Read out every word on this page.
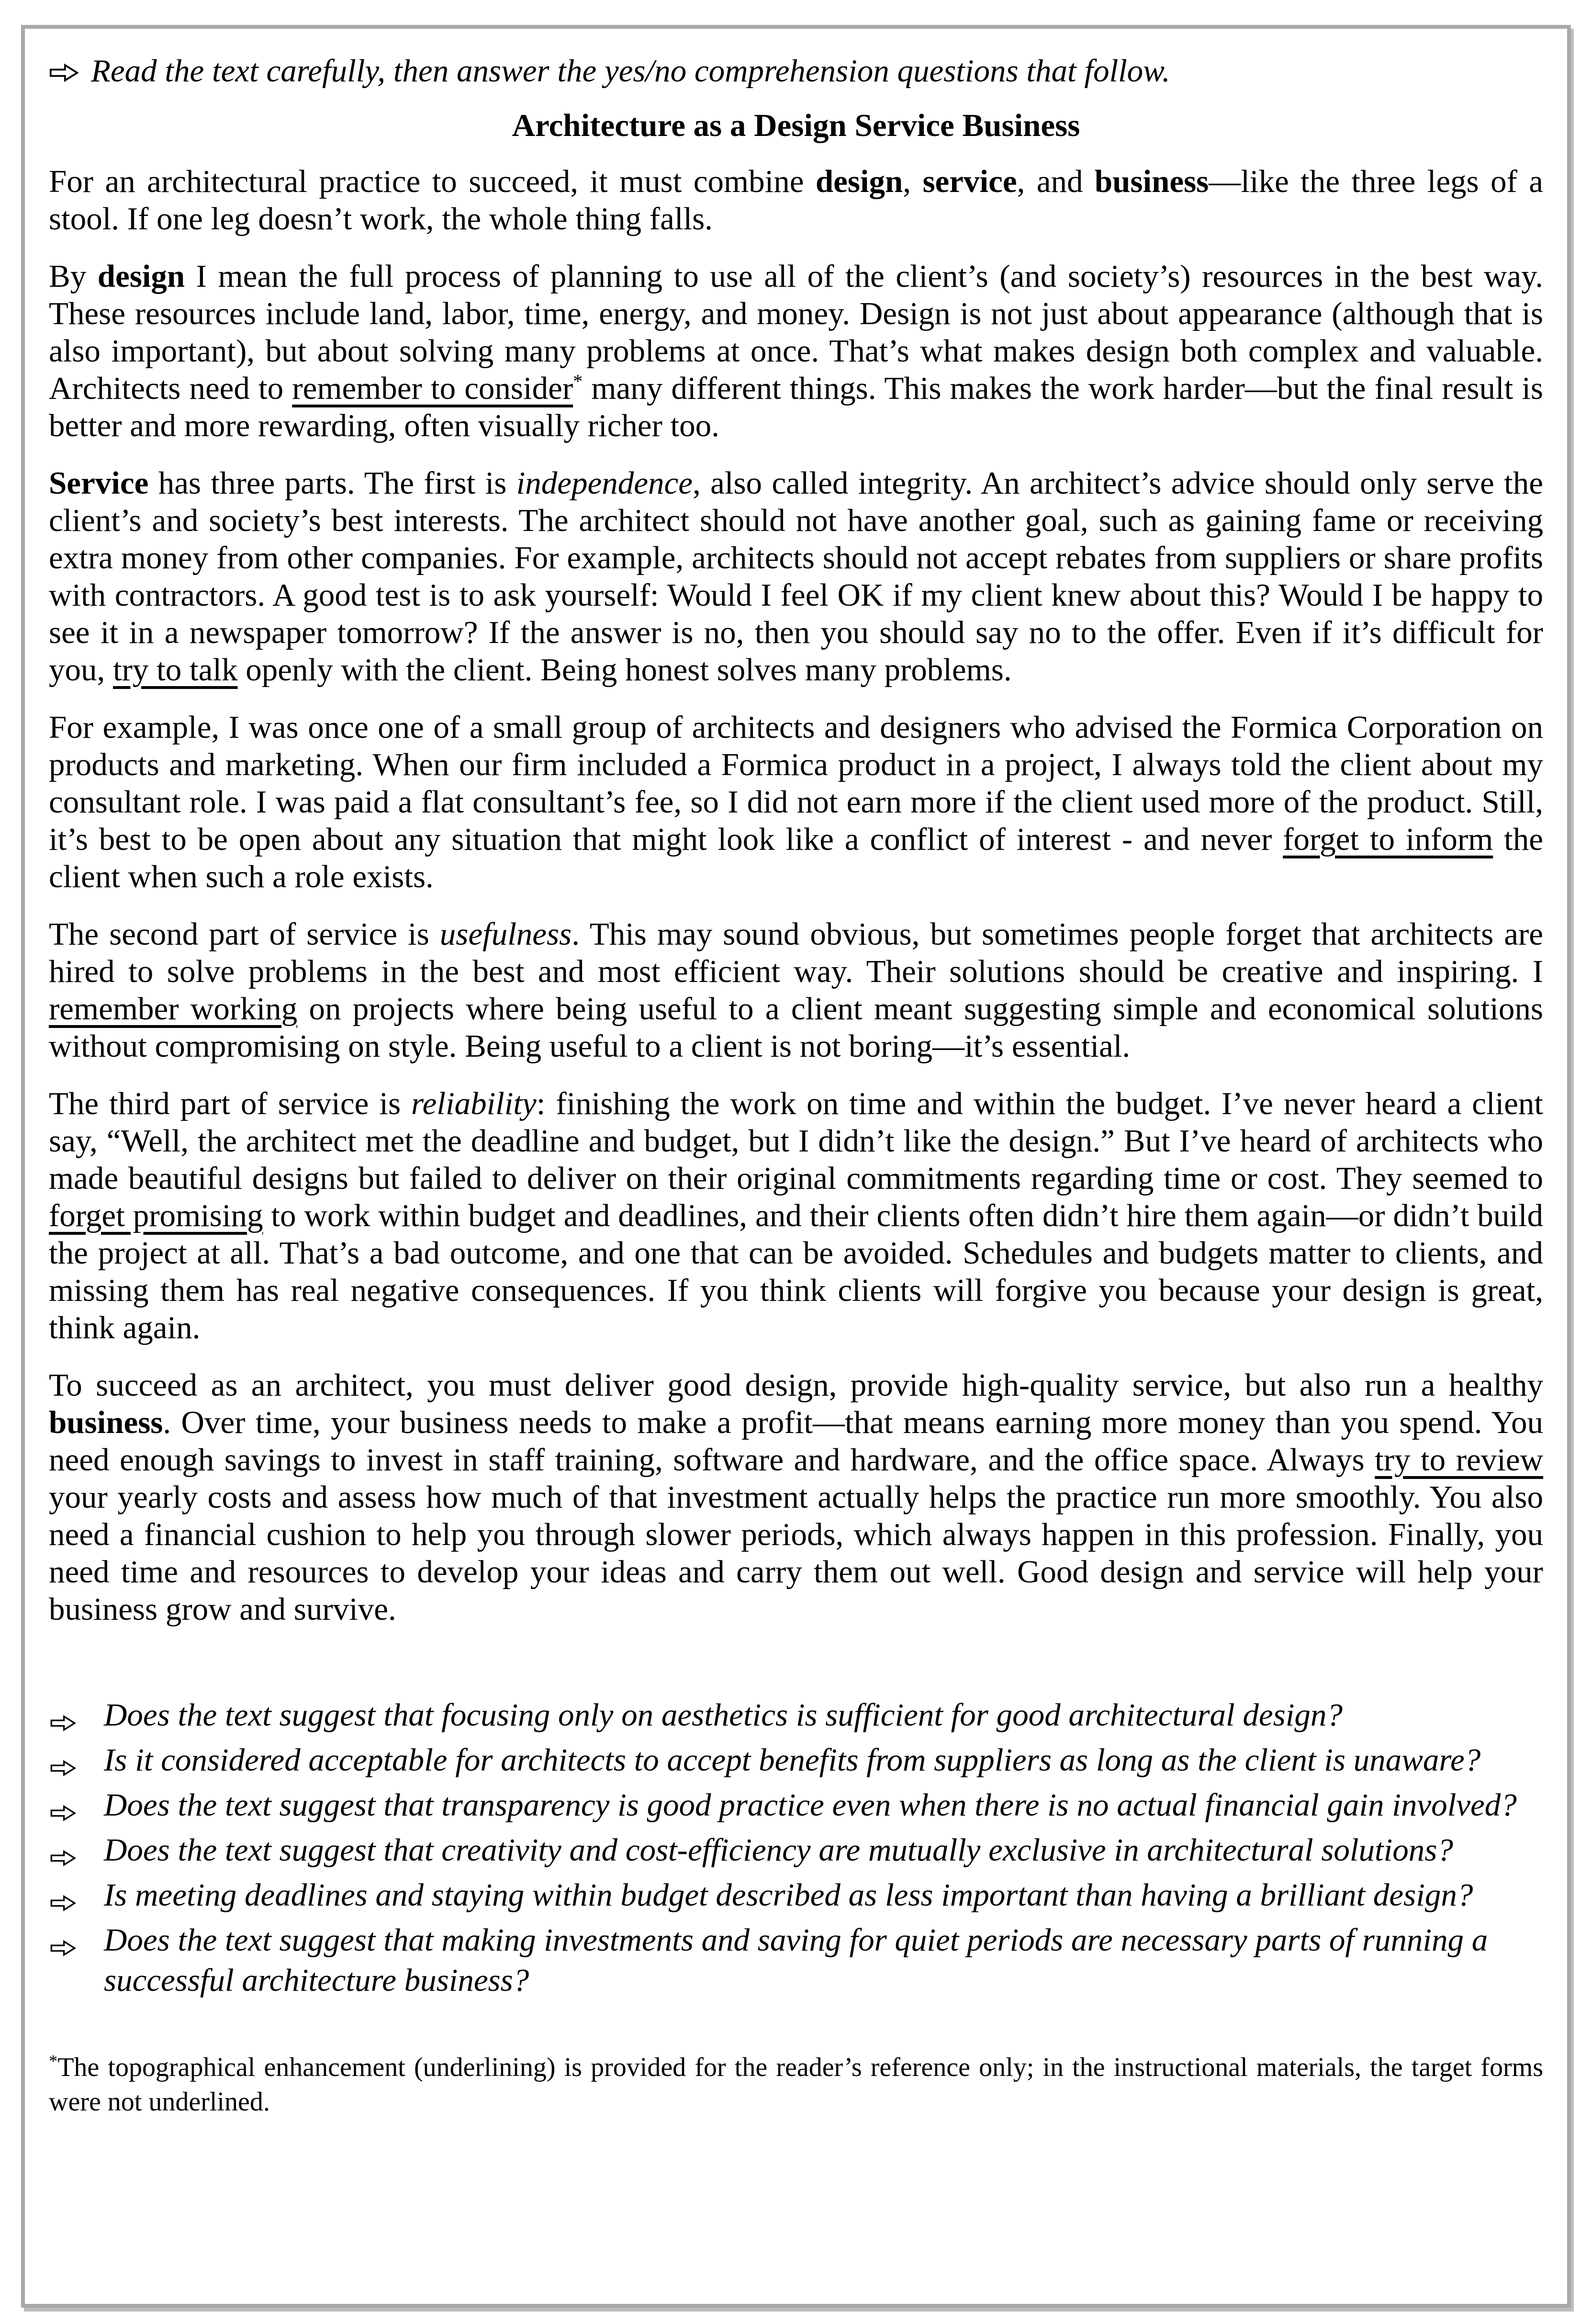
Read the text carefully, then answer the yes/no comprehension questions that follow.
Architecture as a Design Service Business

For an architectural practice to succeed, it must combine design, service, and business—like the three legs of a stool. If one leg doesn’t work, the whole thing falls.

By design I mean the full process of planning to use all of the client’s (and society’s) resources in the best way. These resources include land, labor, time, energy, and money. Design is not just about appearance (although that is also important), but about solving many problems at once. That’s what makes design both complex and valuable. Architects need to remember to consider* many different things. This makes the work harder—but the final result is better and more rewarding, often visually richer too.

Service has three parts. The first is independence, also called integrity. An architect’s advice should only serve the client’s and society’s best interests. The architect should not have another goal, such as gaining fame or receiving extra money from other companies. For example, architects should not accept rebates from suppliers or share profits with contractors. A good test is to ask yourself: Would I feel OK if my client knew about this? Would I be happy to see it in a newspaper tomorrow? If the answer is no, then you should say no to the offer. Even if it’s difficult for you, try to talk openly with the client. Being honest solves many problems.

For example, I was once one of a small group of architects and designers who advised the Formica Corporation on products and marketing. When our firm included a Formica product in a project, I always told the client about my consultant role. I was paid a flat consultant’s fee, so I did not earn more if the client used more of the product. Still, it’s best to be open about any situation that might look like a conflict of interest - and never forget to inform the client when such a role exists.

The second part of service is usefulness. This may sound obvious, but sometimes people forget that architects are hired to solve problems in the best and most efficient way. Their solutions should be creative and inspiring. I remember working on projects where being useful to a client meant suggesting simple and economical solutions without compromising on style. Being useful to a client is not boring—it’s essential.

The third part of service is reliability: finishing the work on time and within the budget. I’ve never heard a client say, “Well, the architect met the deadline and budget, but I didn’t like the design.” But I’ve heard of architects who made beautiful designs but failed to deliver on their original commitments regarding time or cost. They seemed to forget promising to work within budget and deadlines, and their clients often didn’t hire them again—or didn’t build the project at all. That’s a bad outcome, and one that can be avoided. Schedules and budgets matter to clients, and missing them has real negative consequences. If you think clients will forgive you because your design is great, think again.

To succeed as an architect, you must deliver good design, provide high-quality service, but also run a healthy business. Over time, your business needs to make a profit—that means earning more money than you spend. You need enough savings to invest in staff training, software and hardware, and the office space. Always try to review your yearly costs and assess how much of that investment actually helps the practice run more smoothly. You also need a financial cushion to help you through slower periods, which always happen in this profession. Finally, you need time and resources to develop your ideas and carry them out well. Good design and service will help your business grow and survive.

Does the text suggest that focusing only on aesthetics is sufficient for good architectural design?
Is it considered acceptable for architects to accept benefits from suppliers as long as the client is unaware?
Does the text suggest that transparency is good practice even when there is no actual financial gain involved?
Does the text suggest that creativity and cost-efficiency are mutually exclusive in architectural solutions?
Is meeting deadlines and staying within budget described as less important than having a brilliant design?
Does the text suggest that making investments and saving for quiet periods are necessary parts of running a successful architecture business?
*The topographical enhancement (underlining) is provided for the reader’s reference only; in the instructional materials, the target forms were not underlined.
